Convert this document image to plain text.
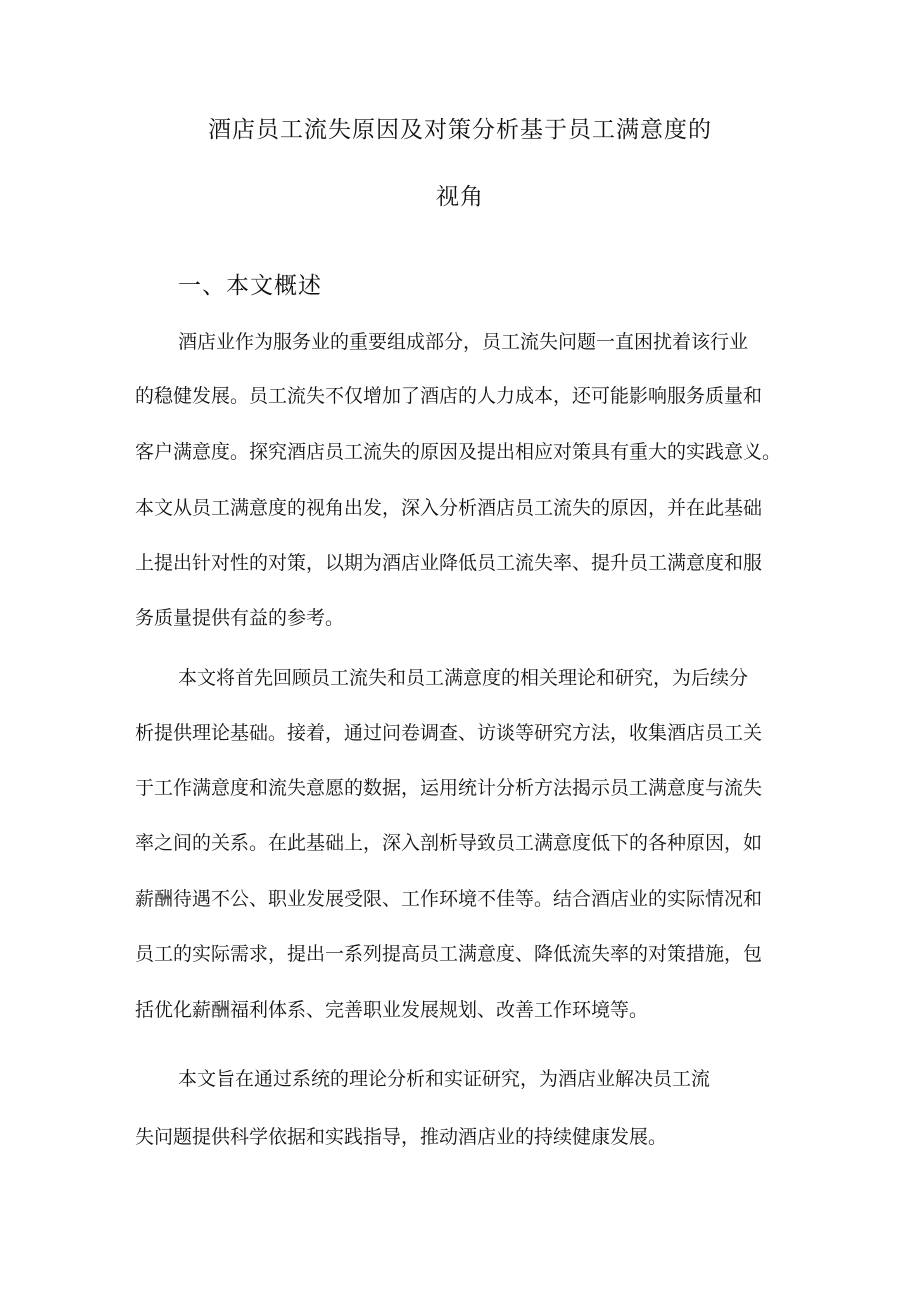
酒店员工流失原因及对策分析基于员工满意度的
视角
一、本文概述
酒店业作为服务业的重要组成部分，员工流失问题一直困扰着该行业
的稳健发展。员工流失不仅增加了酒店的人力成本，还可能影响服务质量和
客户满意度。探究酒店员工流失的原因及提出相应对策具有重大的实践意义。
本文从员工满意度的视角出发，深入分析酒店员工流失的原因，并在此基础
上提出针对性的对策，以期为酒店业降低员工流失率、提升员工满意度和服
务质量提供有益的参考。
本文将首先回顾员工流失和员工满意度的相关理论和研究，为后续分
析提供理论基础。接着，通过问卷调查、访谈等研究方法，收集酒店员工关
于工作满意度和流失意愿的数据，运用统计分析方法揭示员工满意度与流失
率之间的关系。在此基础上，深入剖析导致员工满意度低下的各种原因，如
薪酬待遇不公、职业发展受限、工作环境不佳等。结合酒店业的实际情况和
员工的实际需求，提出一系列提高员工满意度、降低流失率的对策措施，包
括优化薪酬福利体系、完善职业发展规划、改善工作环境等。
本文旨在通过系统的理论分析和实证研究，为酒店业解决员工流
失问题提供科学依据和实践指导，推动酒店业的持续健康发展。
